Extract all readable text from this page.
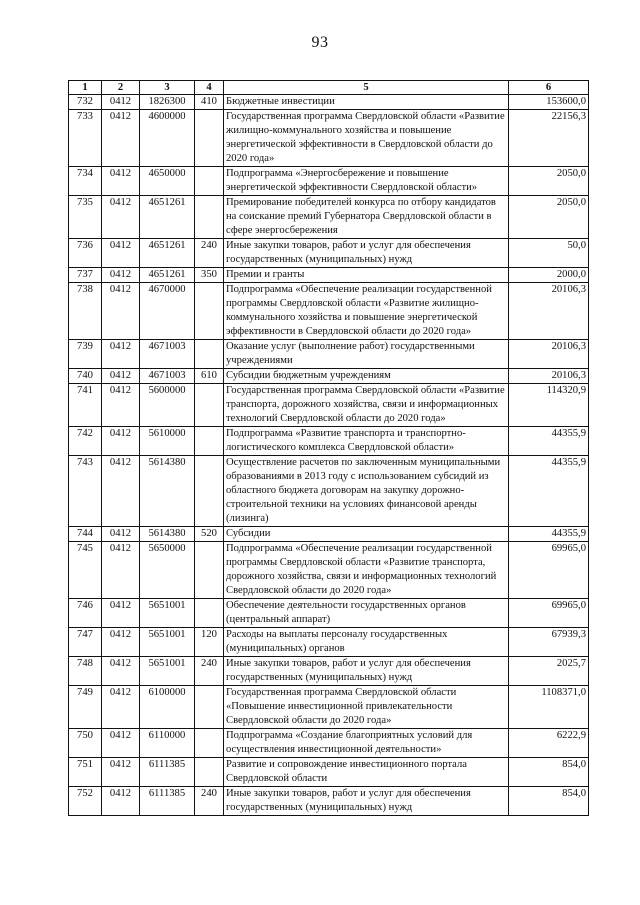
93
1	2	3	4	5	6
732	0412	1826300	410	Бюджетные инвестиции	153600,0
733	0412	4600000		Государственная программа Свердловской области «Развитие жилищно-коммунального хозяйства и повышение энергетической эффективности в Свердловской области до 2020 года»	22156,3
734	0412	4650000		Подпрограмма «Энергосбережение и повышение энергетической эффективности Свердловской области»	2050,0
735	0412	4651261		Премирование победителей конкурса по отбору кандидатов на соискание премий Губернатора Свердловской области в сфере энергосбережения	2050,0
736	0412	4651261	240	Иные закупки товаров, работ и услуг для обеспечения государственных (муниципальных) нужд	50,0
737	0412	4651261	350	Премии и гранты	2000,0
738	0412	4670000		Подпрограмма «Обеспечение реализации государственной программы Свердловской области «Развитие жилищно-коммунального хозяйства и повышение энергетической эффективности в Свердловской области до 2020 года»	20106,3
739	0412	4671003		Оказание услуг (выполнение работ) государственными учреждениями	20106,3
740	0412	4671003	610	Субсидии бюджетным учреждениям	20106,3
741	0412	5600000		Государственная программа Свердловской области «Развитие транспорта, дорожного хозяйства, связи и информационных технологий Свердловской области до 2020 года»	114320,9
742	0412	5610000		Подпрограмма «Развитие транспорта и транспортно-логистического комплекса Свердловской области»	44355,9
743	0412	5614380		Осуществление расчетов по заключенным муниципальными образованиями в 2013 году с использованием субсидий из областного бюджета договорам на закупку дорожно-строительной техники на условиях финансовой аренды (лизинга)	44355,9
744	0412	5614380	520	Субсидии	44355,9
745	0412	5650000		Подпрограмма «Обеспечение реализации государственной программы Свердловской области «Развитие транспорта, дорожного хозяйства, связи и информационных технологий Свердловской области до 2020 года»	69965,0
746	0412	5651001		Обеспечение деятельности государственных органов (центральный аппарат)	69965,0
747	0412	5651001	120	Расходы на выплаты персоналу государственных (муниципальных) органов	67939,3
748	0412	5651001	240	Иные закупки товаров, работ и услуг для обеспечения государственных (муниципальных) нужд	2025,7
749	0412	6100000		Государственная программа Свердловской области «Повышение инвестиционной привлекательности Свердловской области до 2020 года»	1108371,0
750	0412	6110000		Подпрограмма «Создание благоприятных условий для осуществления инвестиционной деятельности»	6222,9
751	0412	6111385		Развитие и сопровождение инвестиционного портала Свердловской области	854,0
752	0412	6111385	240	Иные закупки товаров, работ и услуг для обеспечения государственных (муниципальных) нужд	854,0
